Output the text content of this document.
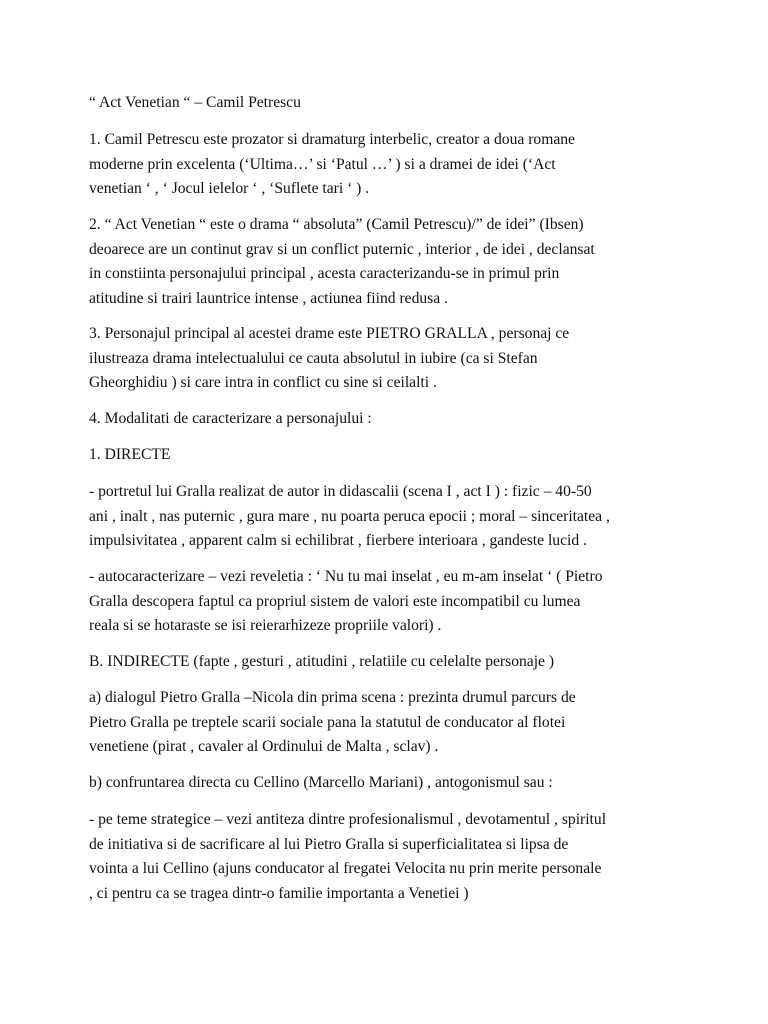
“ Act Venetian “ – Camil Petrescu

1. Camil Petrescu este prozator si dramaturg interbelic, creator a doua romane
moderne prin excelenta (‘Ultima…’ si ‘Patul …’ ) si a dramei de idei (‘Act
venetian ‘ , ‘ Jocul ielelor ‘ , ‘Suflete tari ‘ ) .

2. “ Act Venetian “ este o drama “ absoluta” (Camil Petrescu)/” de idei” (Ibsen)
deoarece are un continut grav si un conflict puternic , interior , de idei , declansat
in constiinta personajului principal , acesta caracterizandu-se in primul prin
atitudine si trairi launtrice intense , actiunea fiind redusa .

3. Personajul principal al acestei drame este PIETRO GRALLA , personaj ce
ilustreaza drama intelectualului ce cauta absolutul in iubire (ca si Stefan
Gheorghidiu ) si care intra in conflict cu sine si ceilalti .

4. Modalitati de caracterizare a personajului :

1. DIRECTE

- portretul lui Gralla realizat de autor in didascalii (scena I , act I ) : fizic – 40-50
ani , inalt , nas puternic , gura mare , nu poarta peruca epocii ; moral – sinceritatea ,
impulsivitatea , apparent calm si echilibrat , fierbere interioara , gandeste lucid .

- autocaracterizare – vezi reveletia : ‘ Nu tu mai inselat , eu m-am inselat ‘ ( Pietro
Gralla descopera faptul ca propriul sistem de valori este incompatibil cu lumea
reala si se hotaraste se isi reierarhizeze propriile valori) .

B. INDIRECTE (fapte , gesturi , atitudini , relatiile cu celelalte personaje )

a) dialogul Pietro Gralla –Nicola din prima scena : prezinta drumul parcurs de
Pietro Gralla pe treptele scarii sociale pana la statutul de conducator al flotei
venetiene (pirat , cavaler al Ordinului de Malta , sclav) .

b) confruntarea directa cu Cellino (Marcello Mariani) , antogonismul sau :

- pe teme strategice – vezi antiteza dintre profesionalismul , devotamentul , spiritul
de initiativa si de sacrificare al lui Pietro Gralla si superficialitatea si lipsa de
vointa a lui Cellino (ajuns conducator al fregatei Velocita nu prin merite personale
, ci pentru ca se tragea dintr-o familie importanta a Venetiei )
